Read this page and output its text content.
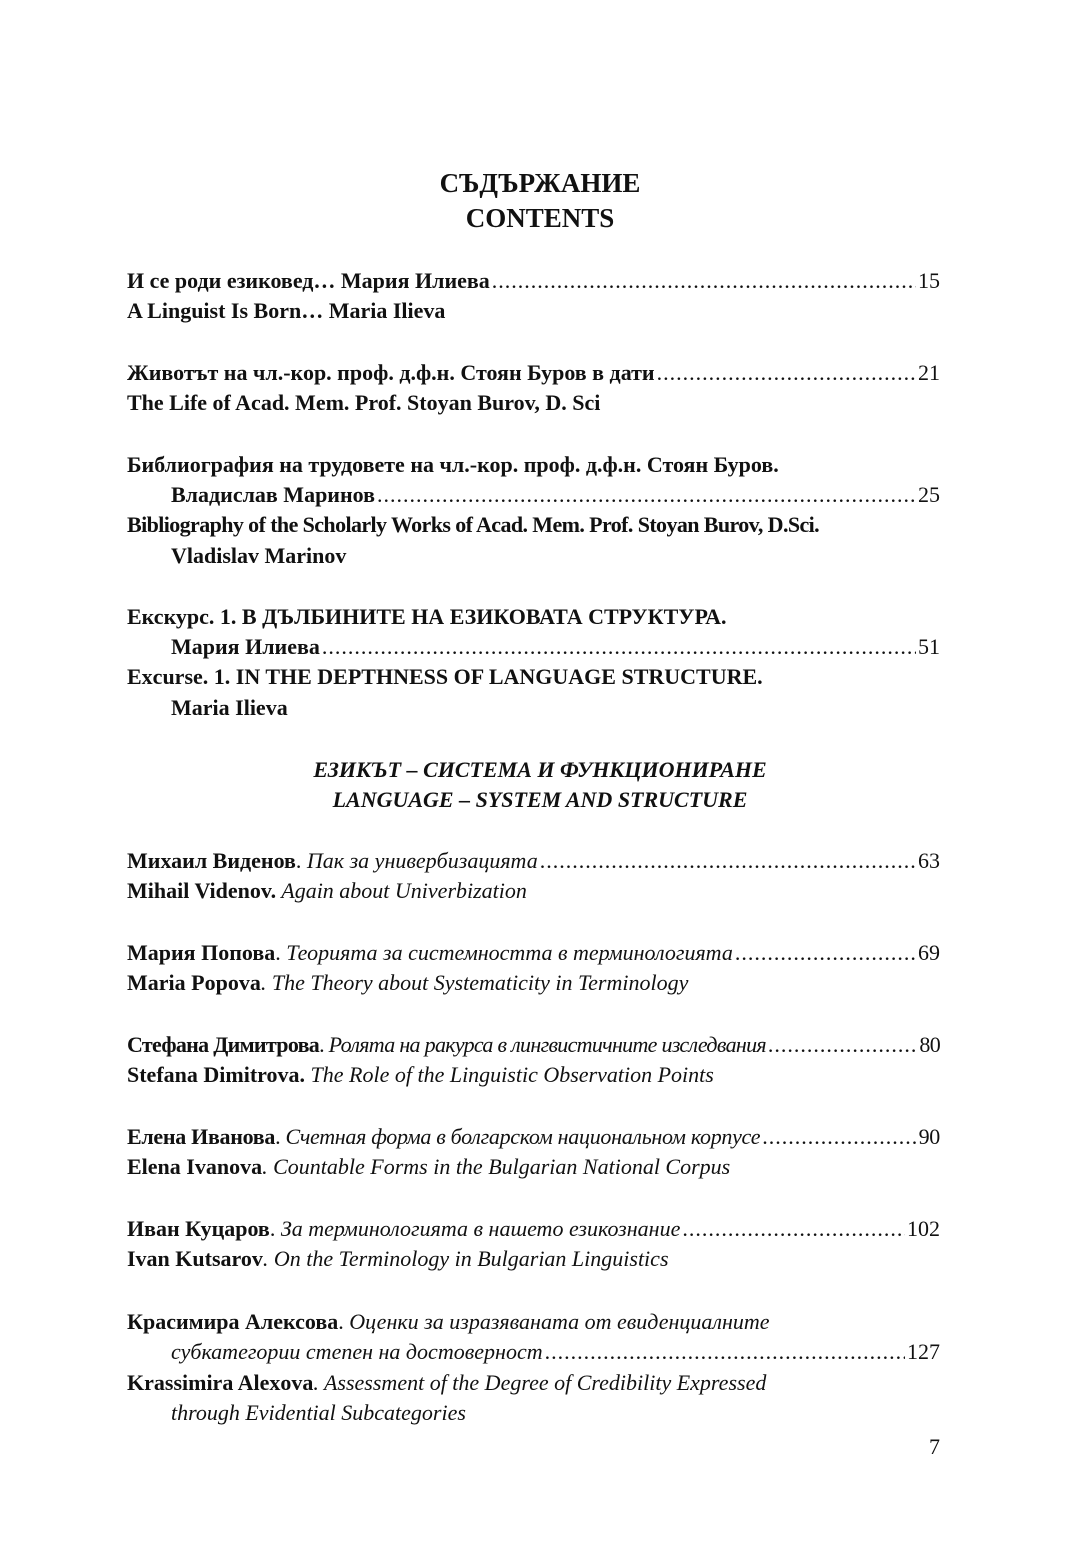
СЪДЪРЖАНИЕ
CONTENTS
И се роди езиковед… Мария Илиева .....	15
A Linguist Is Born… Maria Ilieva
Животът на чл.-кор. проф. д.ф.н. Стоян Буров в дати .....	21
The Life of Acad. Mem. Prof. Stoyan Burov, D. Sci
Библиография на трудовете на чл.-кор. проф. д.ф.н. Стоян Буров.
Владислав Маринов .....	25
Bibliography of the Scholarly Works of Acad. Mem. Prof. Stoyan Burov, D.Sci.
Vladislav Marinov
Екскурс. 1. В ДЪЛБИНИТЕ НА ЕЗИКОВАТА СТРУКТУРА.
Мария Илиева .....	51
Excurse. 1. IN THE DEPTHNESS OF LANGUAGE STRUCTURE.
Maria Ilieva
ЕЗИКЪТ – СИСТЕМА И ФУНКЦИОНИРАНЕ
LANGUAGE – SYSTEM AND STRUCTURE
Михаил Виденов. Пак за универбизацията .....	63
Mihail Videnov. Again about Univerbization
Мария Попова. Теорията за системността в терминологията .....	69
Maria Popova. The Theory about Systematicity in Terminology
Стефана Димитрова. Ролята на ракурса в лингвистичните изследвания .....	80
Stefana Dimitrova. The Role of the Linguistic Observation Points
Елена Иванова. Счетная форма в болгарском национальном корпусе .....	90
Elena Ivanova. Countable Forms in the Bulgarian National Corpus
Иван Куцаров. За терминологията в нашето езикознание .....	102
Ivan Kutsarov. On the Terminology in Bulgarian Linguistics
Красимира Алексова. Оценки за изразяваната от евиденциалните
субкатегории степен на достоверност .....	127
Krassimira Alexova. Assessment of the Degree of Credibility Expressed
through Evidential Subcategories
7
